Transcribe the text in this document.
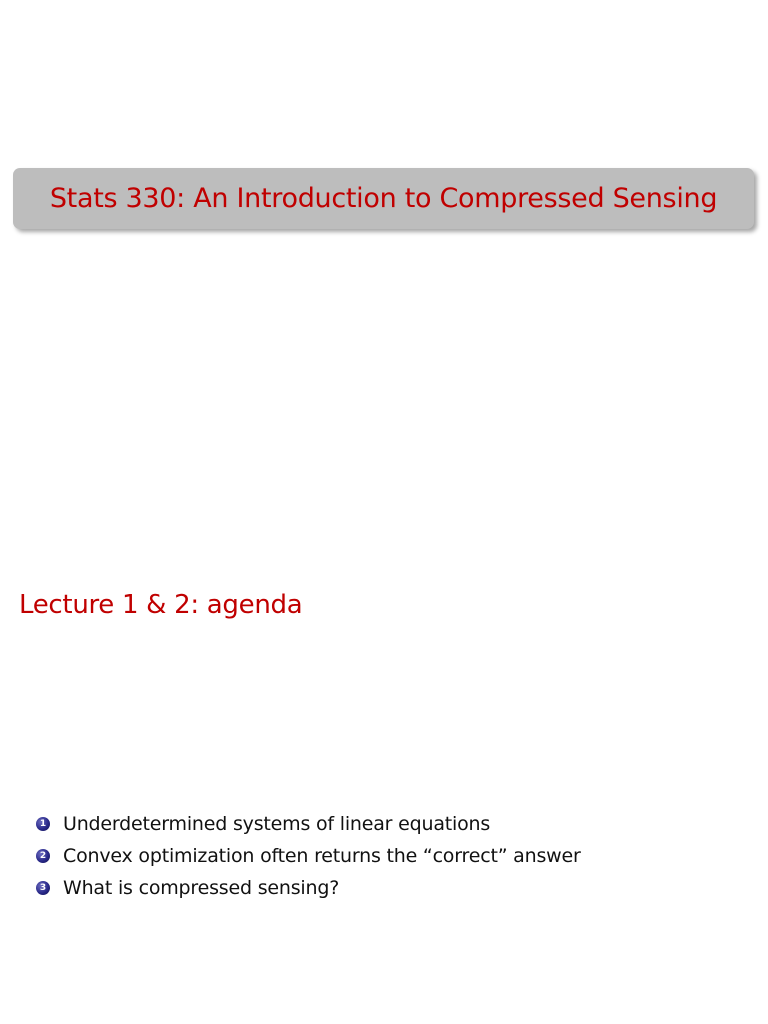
Stats 330: An Introduction to Compressed Sensing
Lecture 1 & 2: agenda
1 Underdetermined systems of linear equations
2 Convex optimization often returns the “correct” answer
3 What is compressed sensing?
